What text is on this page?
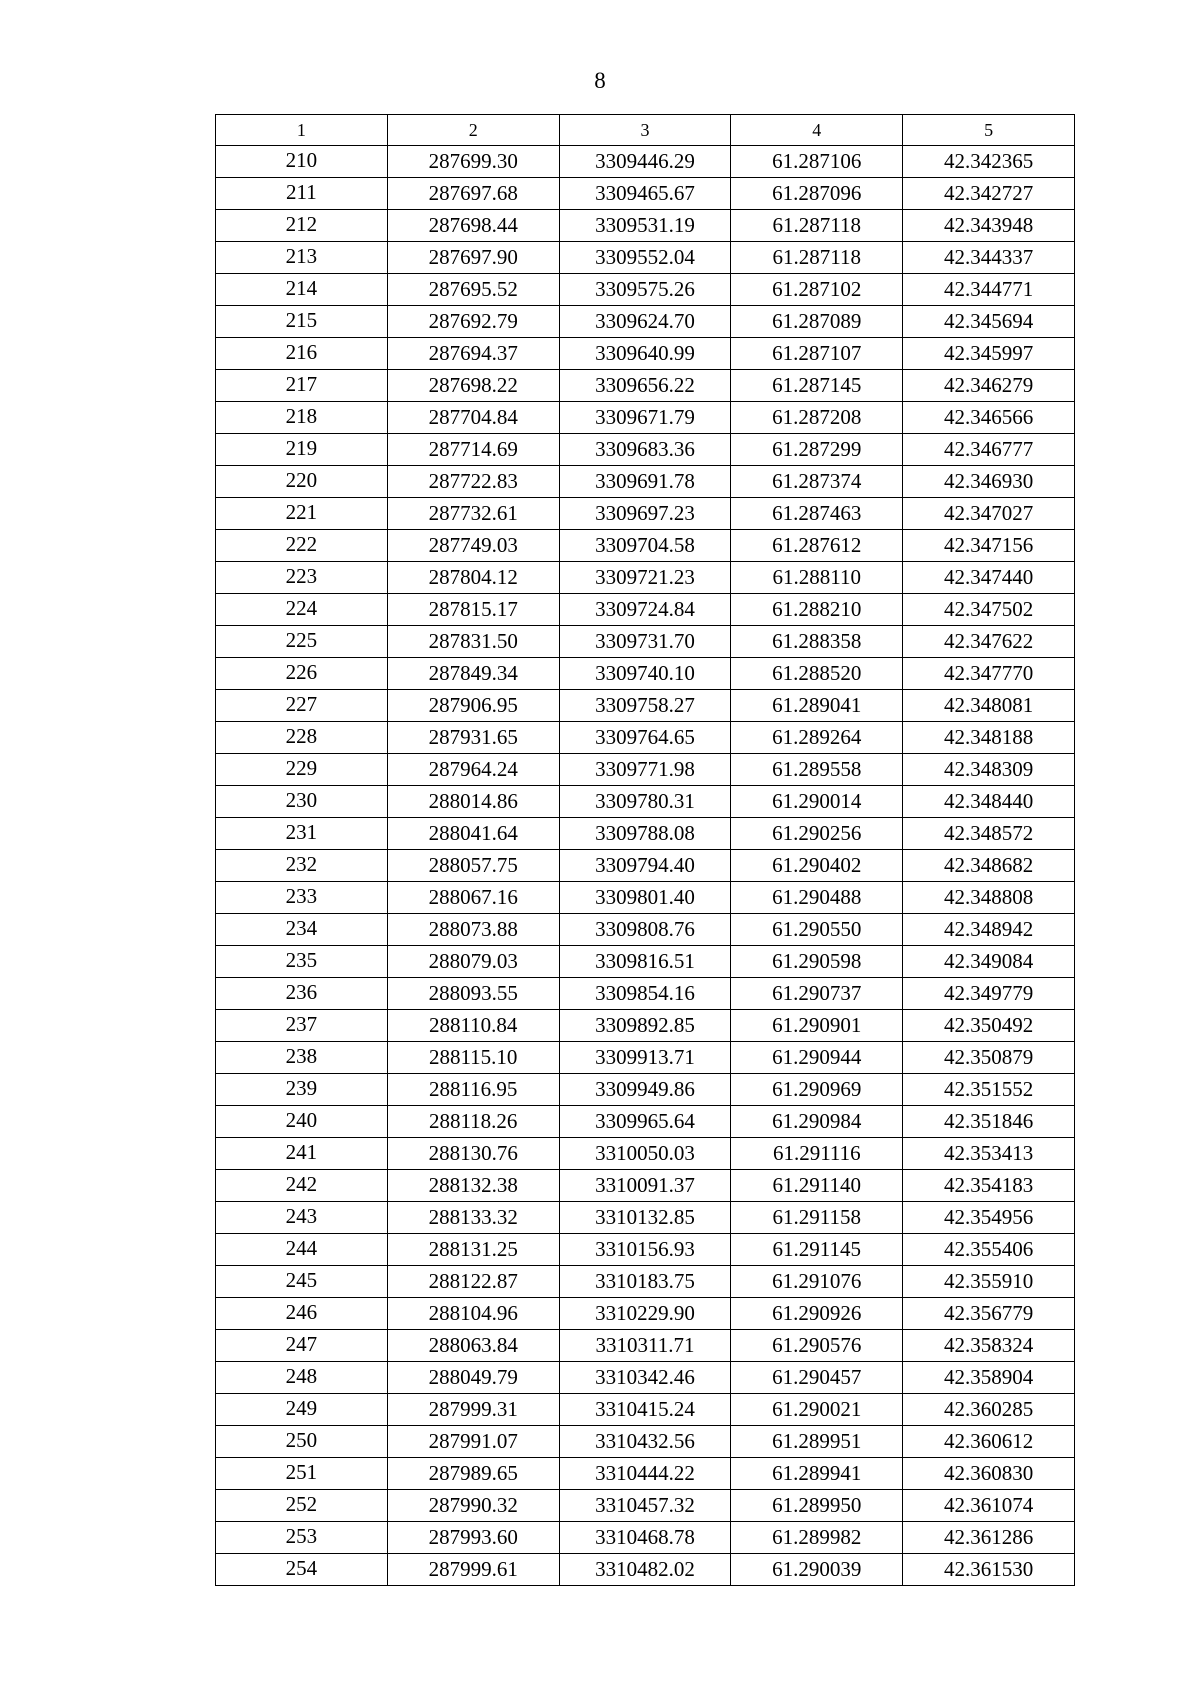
8
1	2	3	4	5
210	287699.30	3309446.29	61.287106	42.342365
211	287697.68	3309465.67	61.287096	42.342727
212	287698.44	3309531.19	61.287118	42.343948
213	287697.90	3309552.04	61.287118	42.344337
214	287695.52	3309575.26	61.287102	42.344771
215	287692.79	3309624.70	61.287089	42.345694
216	287694.37	3309640.99	61.287107	42.345997
217	287698.22	3309656.22	61.287145	42.346279
218	287704.84	3309671.79	61.287208	42.346566
219	287714.69	3309683.36	61.287299	42.346777
220	287722.83	3309691.78	61.287374	42.346930
221	287732.61	3309697.23	61.287463	42.347027
222	287749.03	3309704.58	61.287612	42.347156
223	287804.12	3309721.23	61.288110	42.347440
224	287815.17	3309724.84	61.288210	42.347502
225	287831.50	3309731.70	61.288358	42.347622
226	287849.34	3309740.10	61.288520	42.347770
227	287906.95	3309758.27	61.289041	42.348081
228	287931.65	3309764.65	61.289264	42.348188
229	287964.24	3309771.98	61.289558	42.348309
230	288014.86	3309780.31	61.290014	42.348440
231	288041.64	3309788.08	61.290256	42.348572
232	288057.75	3309794.40	61.290402	42.348682
233	288067.16	3309801.40	61.290488	42.348808
234	288073.88	3309808.76	61.290550	42.348942
235	288079.03	3309816.51	61.290598	42.349084
236	288093.55	3309854.16	61.290737	42.349779
237	288110.84	3309892.85	61.290901	42.350492
238	288115.10	3309913.71	61.290944	42.350879
239	288116.95	3309949.86	61.290969	42.351552
240	288118.26	3309965.64	61.290984	42.351846
241	288130.76	3310050.03	61.291116	42.353413
242	288132.38	3310091.37	61.291140	42.354183
243	288133.32	3310132.85	61.291158	42.354956
244	288131.25	3310156.93	61.291145	42.355406
245	288122.87	3310183.75	61.291076	42.355910
246	288104.96	3310229.90	61.290926	42.356779
247	288063.84	3310311.71	61.290576	42.358324
248	288049.79	3310342.46	61.290457	42.358904
249	287999.31	3310415.24	61.290021	42.360285
250	287991.07	3310432.56	61.289951	42.360612
251	287989.65	3310444.22	61.289941	42.360830
252	287990.32	3310457.32	61.289950	42.361074
253	287993.60	3310468.78	61.289982	42.361286
254	287999.61	3310482.02	61.290039	42.361530
